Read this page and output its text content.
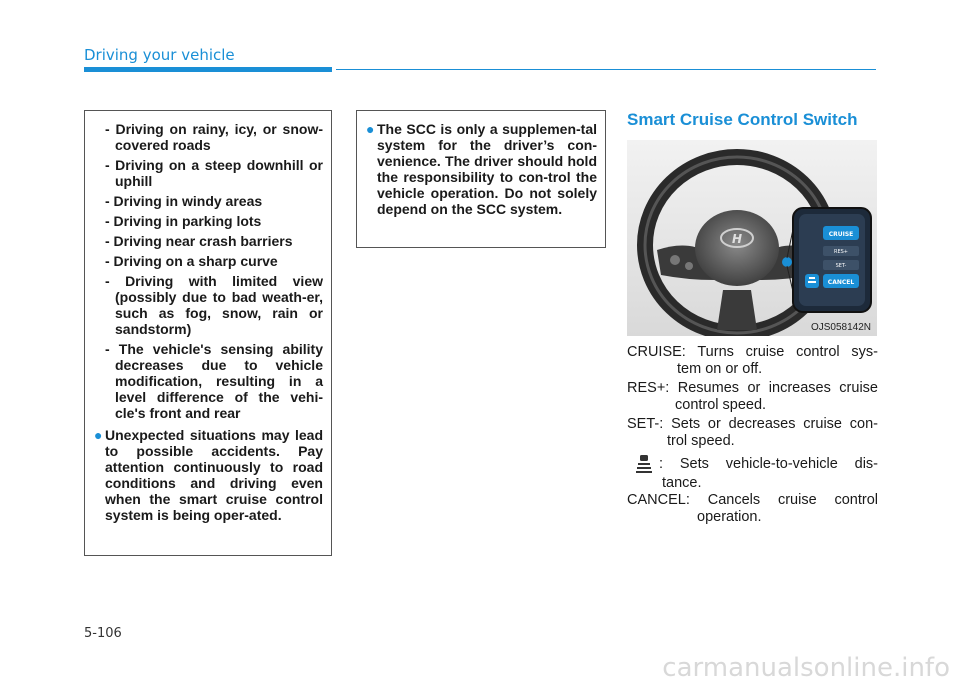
Driving your vehicle
- Driving on rainy, icy, or snow-covered roads
- Driving on a steep downhill or uphill
- Driving in windy areas
- Driving in parking lots
- Driving near crash barriers
- Driving on a sharp curve
- Driving with limited view (possibly due to bad weath-er, such as fog, snow, rain or sandstorm)
- The vehicle's sensing ability decreases due to vehicle modification, resulting in a level difference of the vehi-cle's front and rear
● Unexpected situations may lead to possible accidents. Pay attention continuously to road conditions and driving even when the smart cruise control system is being oper-ated.
● The SCC is only a supplemen-tal system for the driver’s con-venience. The driver should hold the responsibility to con-trol the vehicle operation. Do not solely depend on the SCC system.
Smart Cruise Control Switch
H	CRUISE
RES+
SET-
CANCEL
OJS058142N
CRUISE: Turns cruise control sys-
tem on or off.
RES+: Resumes or increases cruise
control speed.
SET-: Sets or decreases cruise con-
trol speed.
: Sets vehicle-to-vehicle dis-
tance.
CANCEL: Cancels cruise control
operation.
5-106
carmanualsonline.info
